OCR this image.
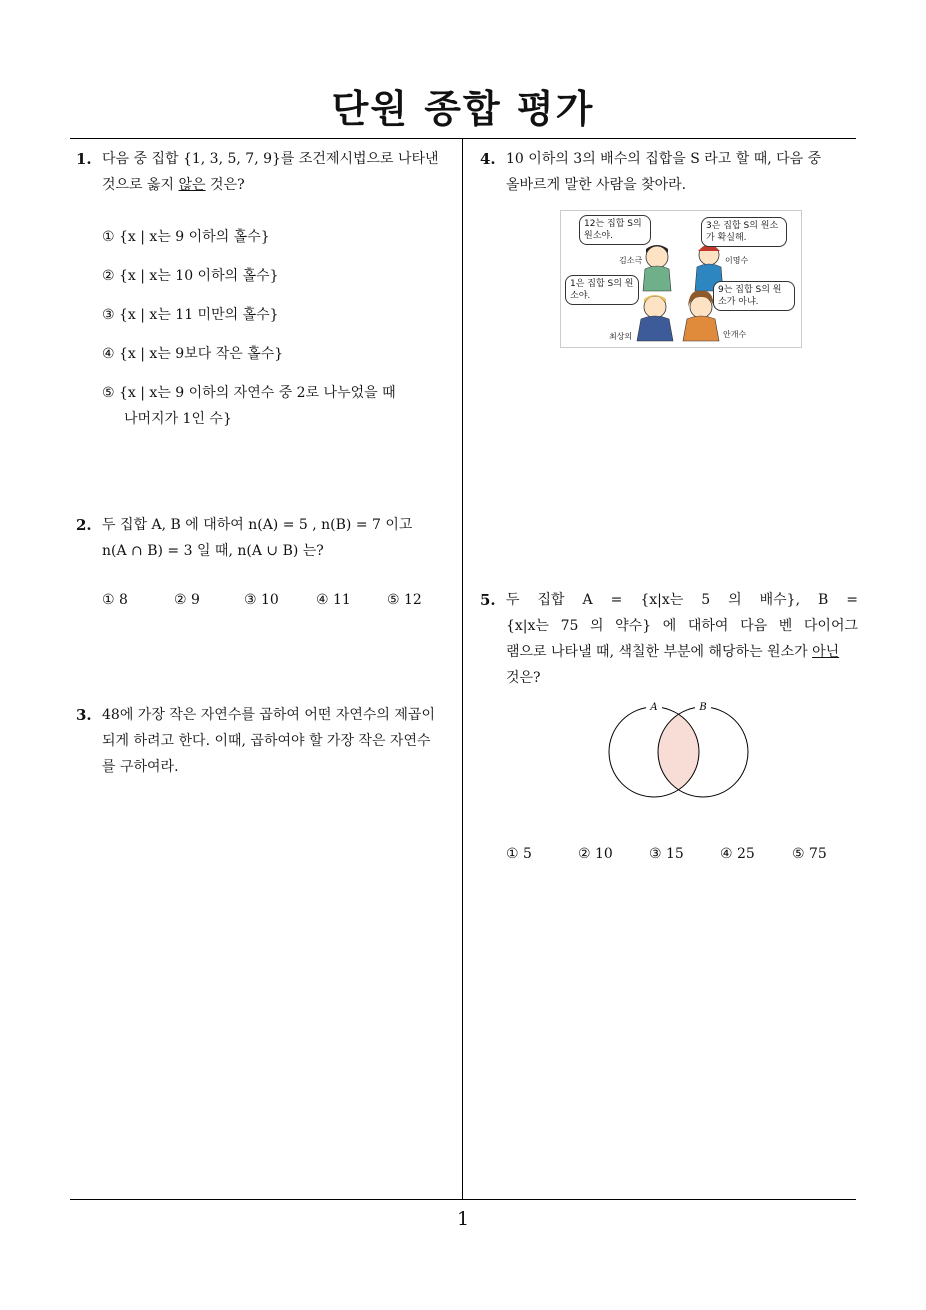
단원 종합 평가
1. 다음 중 집합 {1, 3, 5, 7, 9}를 조건제시법으로 나타낸
것으로 옳지 않은 것은?
① {x | x는 9 이하의 홀수}
② {x | x는 10 이하의 홀수}
③ {x | x는 11 미만의 홀수}
④ {x | x는 9보다 작은 홀수}
⑤ {x | x는 9 이하의 자연수 중 2로 나누었을 때
나머지가 1인 수}
2. 두 집합 A, B 에 대하여 n(A) = 5 , n(B) = 7 이고
n(A ∩ B) = 3 일 때, n(A ∪ B) 는?
① 8	② 9	③ 10	④ 11	⑤ 12
3. 48에 가장 작은 자연수를 곱하여 어떤 자연수의 제곱이
되게 하려고 한다. 이때, 곱하여야 할 가장 작은 자연수
를 구하여라.
4. 10 이하의 3의 배수의 집합을 S 라고 할 때, 다음 중
올바르게 말한 사람을 찾아라.
12는 집합 S의 원소야.
3은 집합 S의 원소가 확실해.
1은 집합 S의 원소야.
9는 집합 S의 원소가 아냐.
김소극	이명수
최상의	안개수
5. 두 집합 A = {x|x는 5 의 배수}, B =
{x|x는 75 의 약수} 에 대하여 다음 벤 다이어그
램으로 나타낼 때, 색칠한 부분에 해당하는 원소가 아닌
것은?
A	B
① 5	② 10	③ 15	④ 25	⑤ 75
1
